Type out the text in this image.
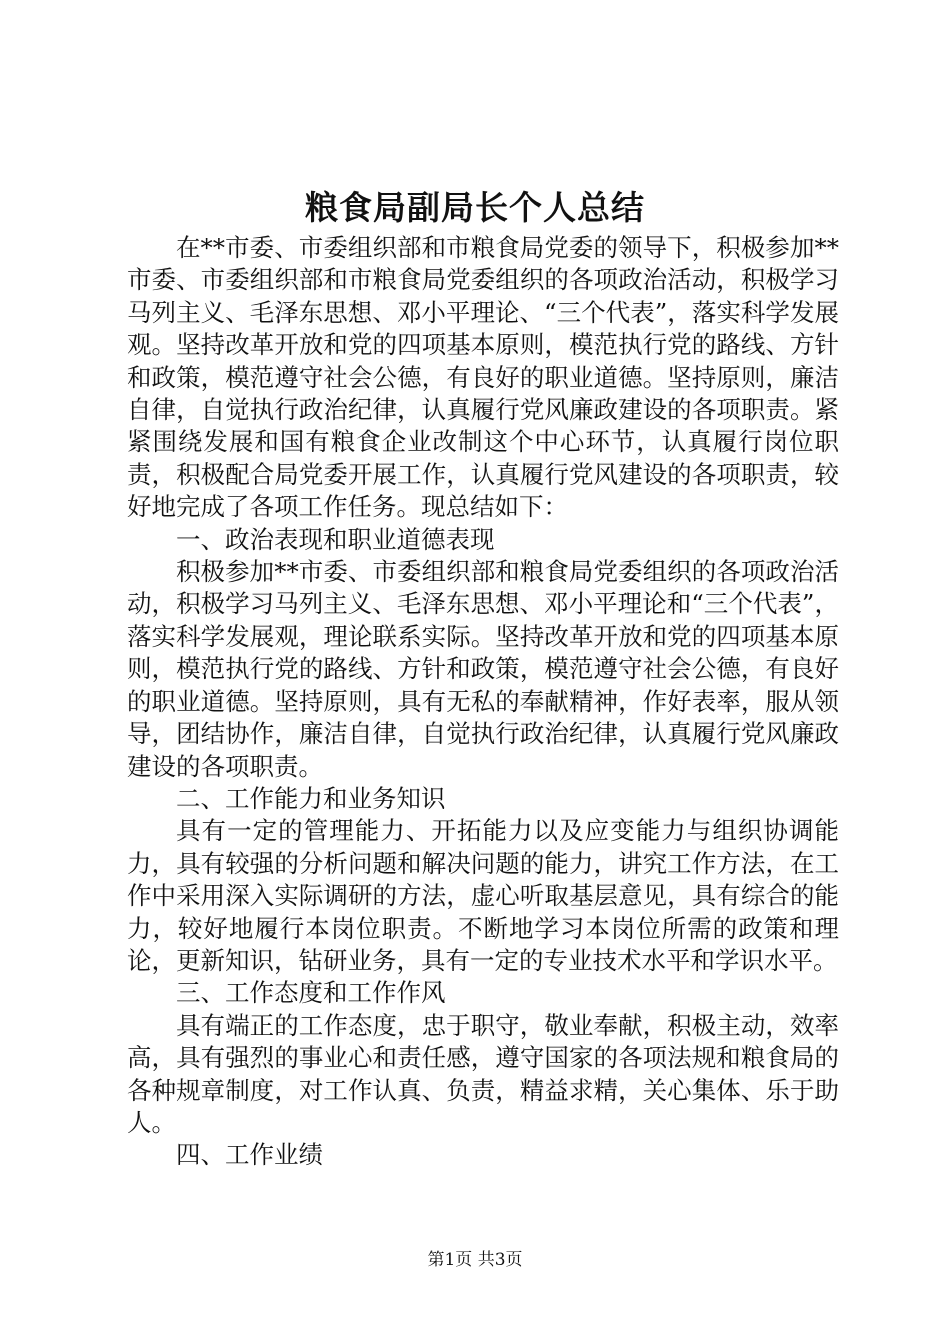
粮食局副局长个人总结

在**市委、市委组织部和市粮食局党委的领导下，积极参加**市委、市委组织部和市粮食局党委组织的各项政治活动，积极学习马列主义、毛泽东思想、邓小平理论、“三个代表”，落实科学发展观。坚持改革开放和党的四项基本原则，模范执行党的路线、方针和政策，模范遵守社会公德，有良好的职业道德。坚持原则，廉洁自律，自觉执行政治纪律，认真履行党风廉政建设的各项职责。紧紧围绕发展和国有粮食企业改制这个中心环节，认真履行岗位职责，积极配合局党委开展工作，认真履行党风建设的各项职责，较好地完成了各项工作任务。现总结如下：

一、政治表现和职业道德表现

积极参加**市委、市委组织部和粮食局党委组织的各项政治活动，积极学习马列主义、毛泽东思想、邓小平理论和“三个代表”，落实科学发展观，理论联系实际。坚持改革开放和党的四项基本原则，模范执行党的路线、方针和政策，模范遵守社会公德，有良好的职业道德。坚持原则，具有无私的奉献精神，作好表率，服从领导，团结协作，廉洁自律，自觉执行政治纪律，认真履行党风廉政建设的各项职责。

二、工作能力和业务知识

具有一定的管理能力、开拓能力以及应变能力与组织协调能力，具有较强的分析问题和解决问题的能力，讲究工作方法，在工作中采用深入实际调研的方法，虚心听取基层意见，具有综合的能力，较好地履行本岗位职责。不断地学习本岗位所需的政策和理论，更新知识，钻研业务，具有一定的专业技术水平和学识水平。

三、工作态度和工作作风

具有端正的工作态度，忠于职守，敬业奉献，积极主动，效率高，具有强烈的事业心和责任感，遵守国家的各项法规和粮食局的各种规章制度，对工作认真、负责，精益求精，关心集体、乐于助人。

四、工作业绩

第1页 共3页
